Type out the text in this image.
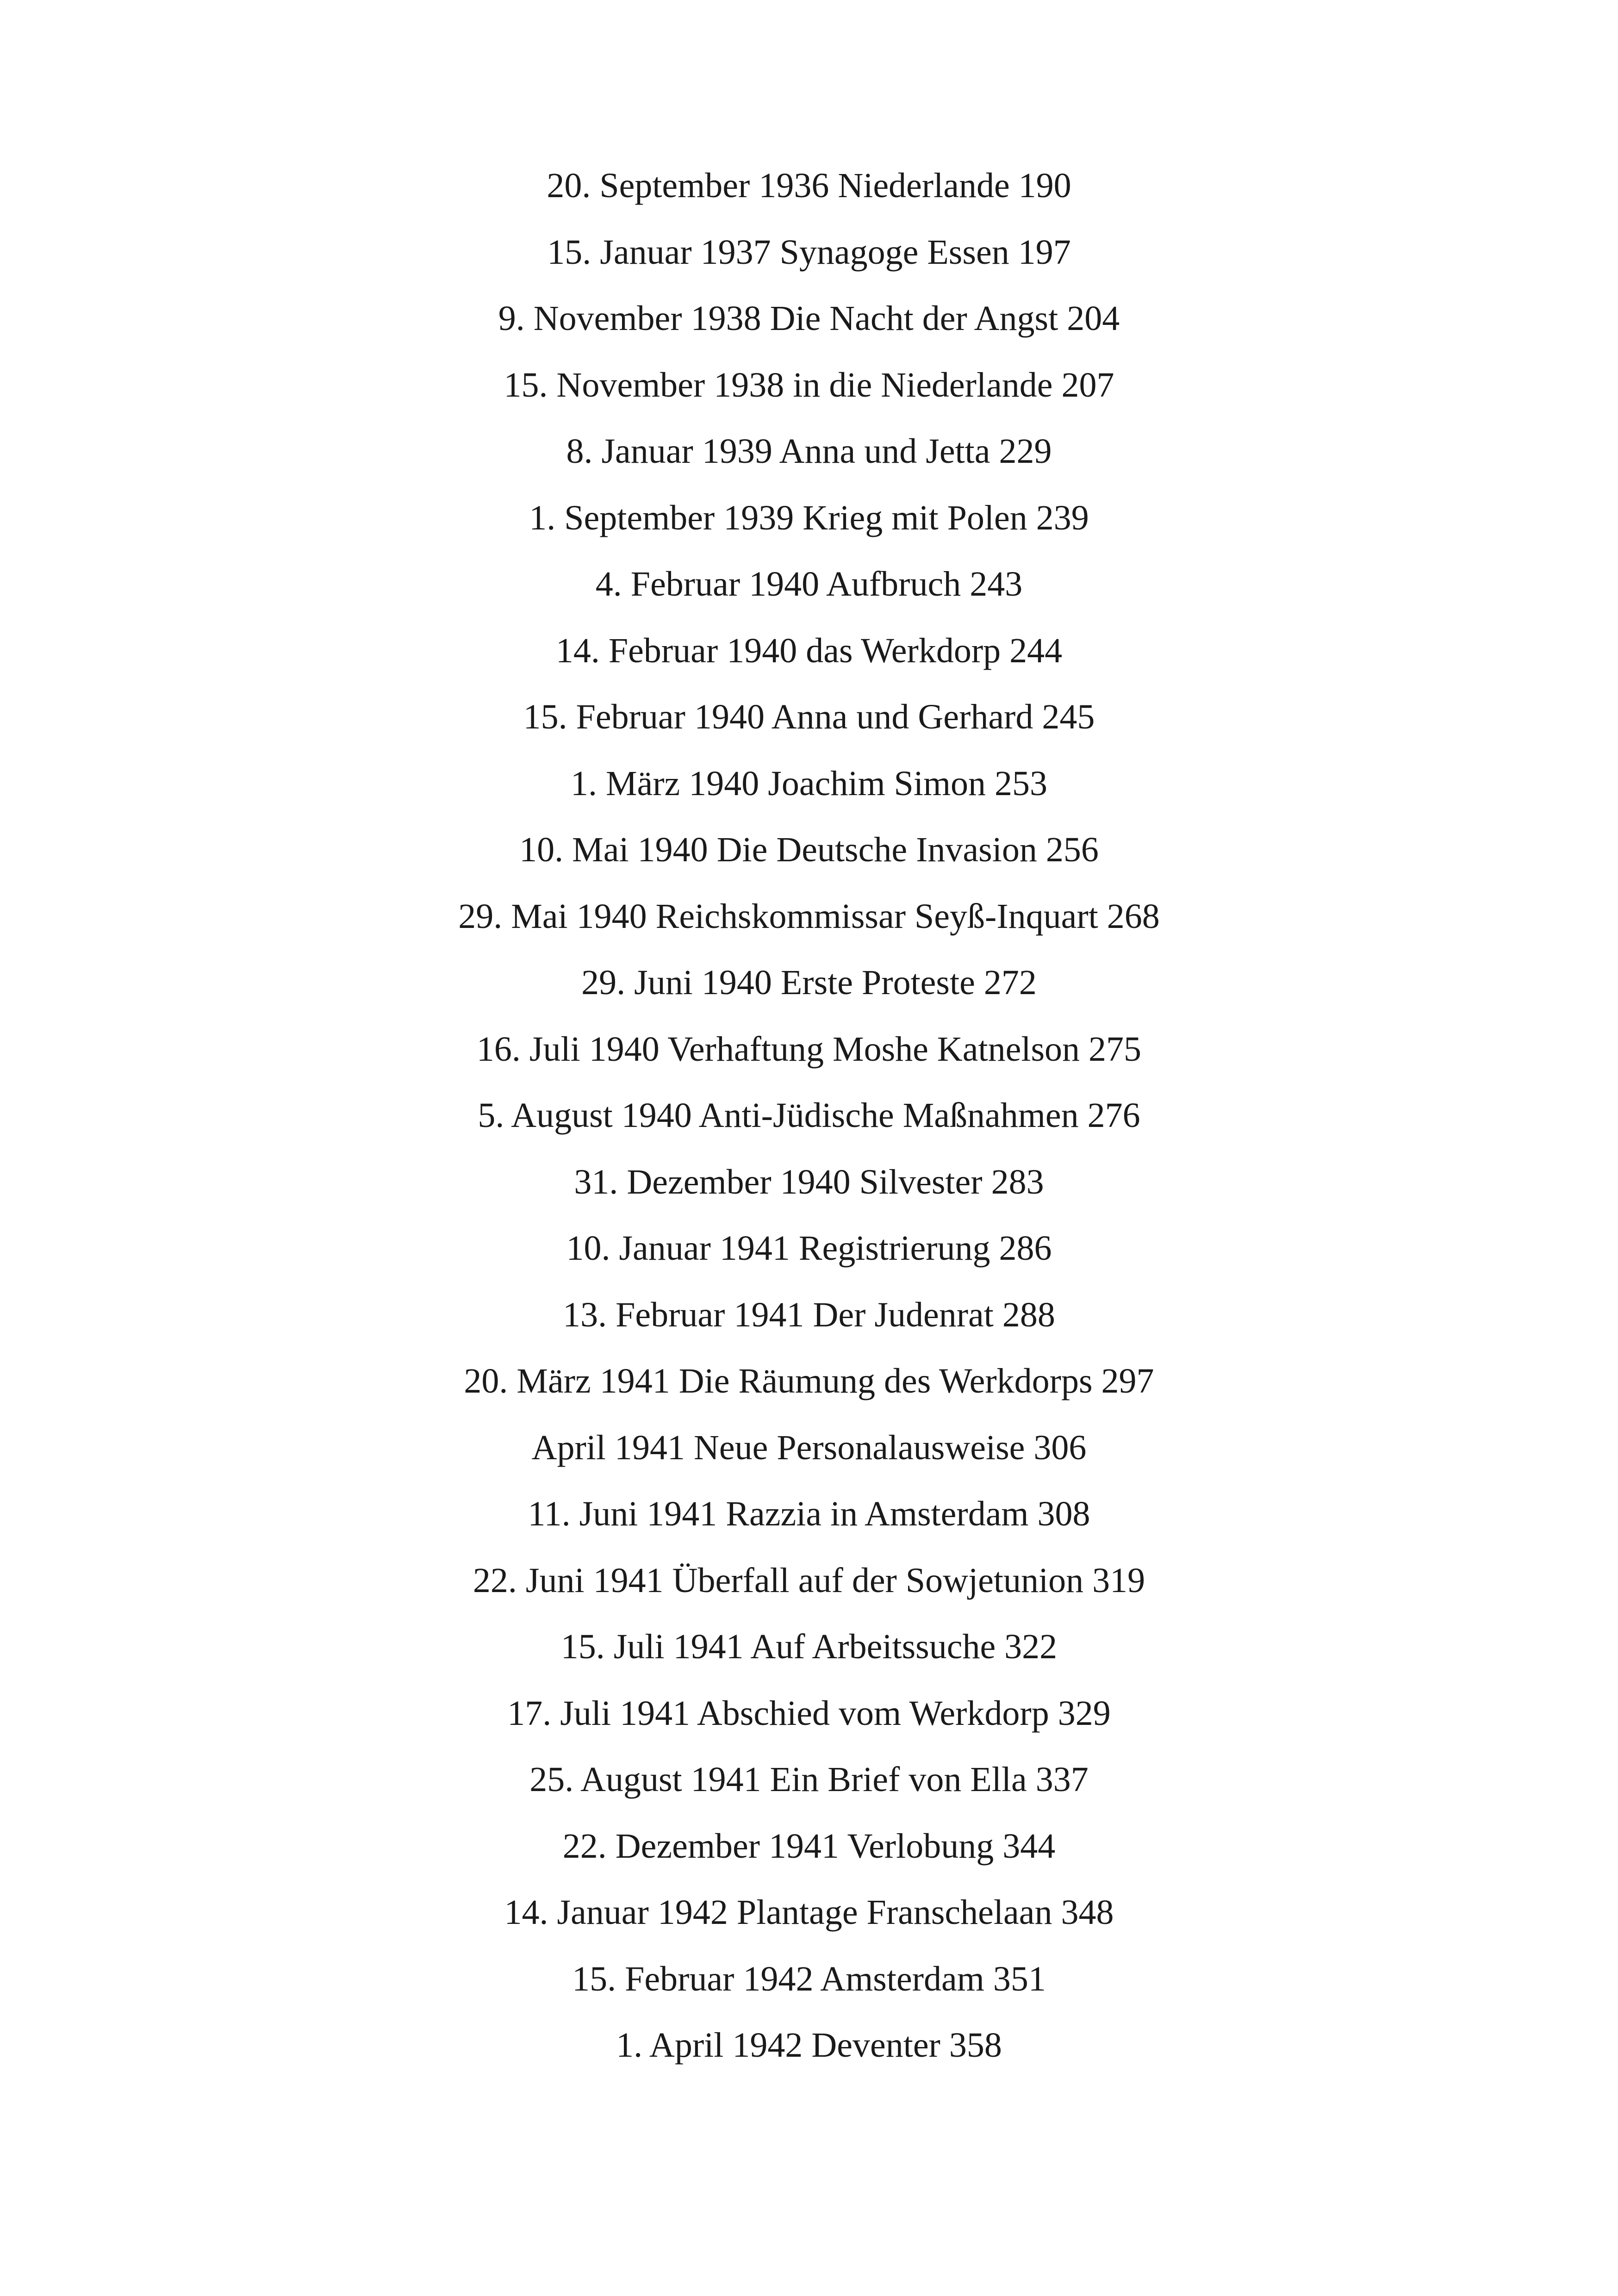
20. September 1936 Niederlande 190
15. Januar 1937 Synagoge Essen 197
9. November 1938 Die Nacht der Angst 204
15. November 1938 in die Niederlande 207
8. Januar 1939 Anna und Jetta 229
1. September 1939 Krieg mit Polen 239
4. Februar 1940 Aufbruch 243
14. Februar 1940 das Werkdorp 244
15. Februar 1940 Anna und Gerhard 245
1. März 1940 Joachim Simon 253
10. Mai 1940 Die Deutsche Invasion 256
29. Mai 1940 Reichskommissar Seyß-Inquart 268
29. Juni 1940 Erste Proteste 272
16. Juli 1940 Verhaftung Moshe Katnelson 275
5. August 1940 Anti-Jüdische Maßnahmen 276
31. Dezember 1940 Silvester 283
10. Januar 1941 Registrierung 286
13. Februar 1941 Der Judenrat 288
20. März 1941 Die Räumung des Werkdorps 297
April 1941 Neue Personalausweise 306
11. Juni 1941 Razzia in Amsterdam 308
22. Juni 1941 Überfall auf der Sowjetunion 319
15. Juli 1941 Auf Arbeitssuche 322
17. Juli 1941 Abschied vom Werkdorp 329
25. August 1941 Ein Brief von Ella 337
22. Dezember 1941 Verlobung 344
14. Januar 1942 Plantage Franschelaan 348
15. Februar 1942 Amsterdam 351
1. April 1942 Deventer 358
